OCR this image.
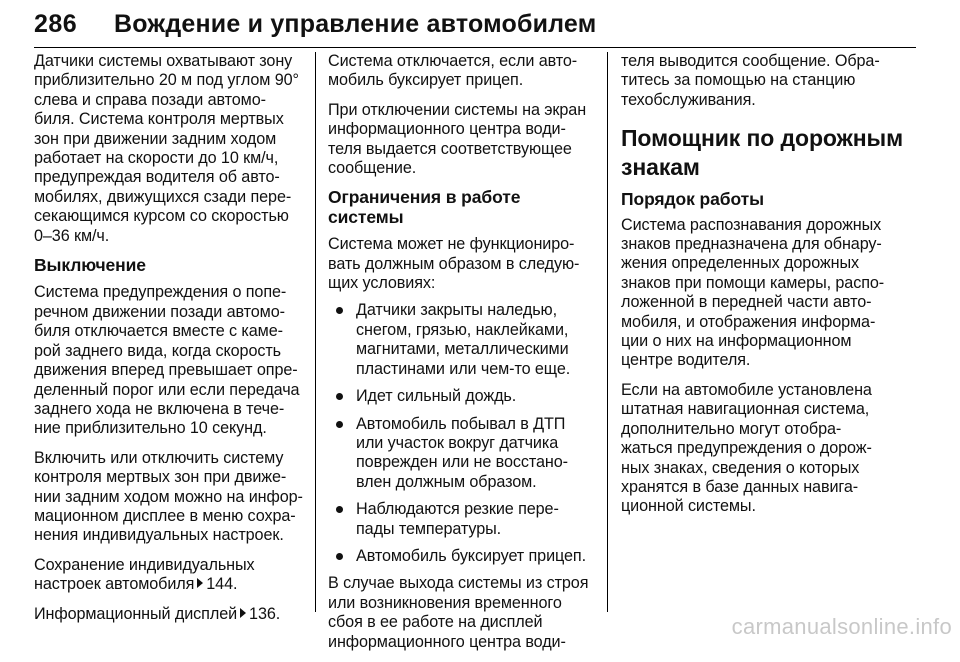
286 Вождение и управление автомобилем
Датчики системы охватывают зону
приблизительно 20 м под углом 90°
слева и справа позади автомо-
биля. Система контроля мертвых
зон при движении задним ходом
работает на скорости до 10 км/ч,
предупреждая водителя об авто-
мобилях, движущихся сзади пере-
секающимся курсом со скоростью
0–36 км/ч.
Выключение
Система предупреждения о попе-
речном движении позади автомо-
биля отключается вместе с каме-
рой заднего вида, когда скорость
движения вперед превышает опре-
деленный порог или если передача
заднего хода не включена в тече-
ние приблизительно 10 секунд.
Включить или отключить систему
контроля мертвых зон при движе-
нии задним ходом можно на инфор-
мационном дисплее в меню сохра-
нения индивидуальных настроек.
Сохранение индивидуальных
настроек автомобиля 144.
Информационный дисплей 136.
Система отключается, если авто-
мобиль буксирует прицеп.
При отключении системы на экран
информационного центра води-
теля выдается соответствующее
сообщение.
Ограничения в работе системы
Система может не функциониро-
вать должным образом в следую-
щих условиях:
Датчики закрыты наледью,
снегом, грязью, наклейками,
магнитами, металлическими
пластинами или чем-то еще.
Идет сильный дождь.
Автомобиль побывал в ДТП
или участок вокруг датчика
поврежден или не восстано-
влен должным образом.
Наблюдаются резкие пере-
пады температуры.
Автомобиль буксирует прицеп.
В случае выхода системы из строя
или возникновения временного
сбоя в ее работе на дисплей
информационного центра води-
теля выводится сообщение. Обра-
титесь за помощью на станцию
техобслуживания.
Помощник по дорожным
знакам
Порядок работы
Система распознавания дорожных
знаков предназначена для обнару-
жения определенных дорожных
знаков при помощи камеры, распо-
ложенной в передней части авто-
мобиля, и отображения информа-
ции о них на информационном
центре водителя.
Если на автомобиле установлена
штатная навигационная система,
дополнительно могут отобра-
жаться предупреждения о дорож-
ных знаках, сведения о которых
хранятся в базе данных навига-
ционной системы.
carmanualsonline.info
